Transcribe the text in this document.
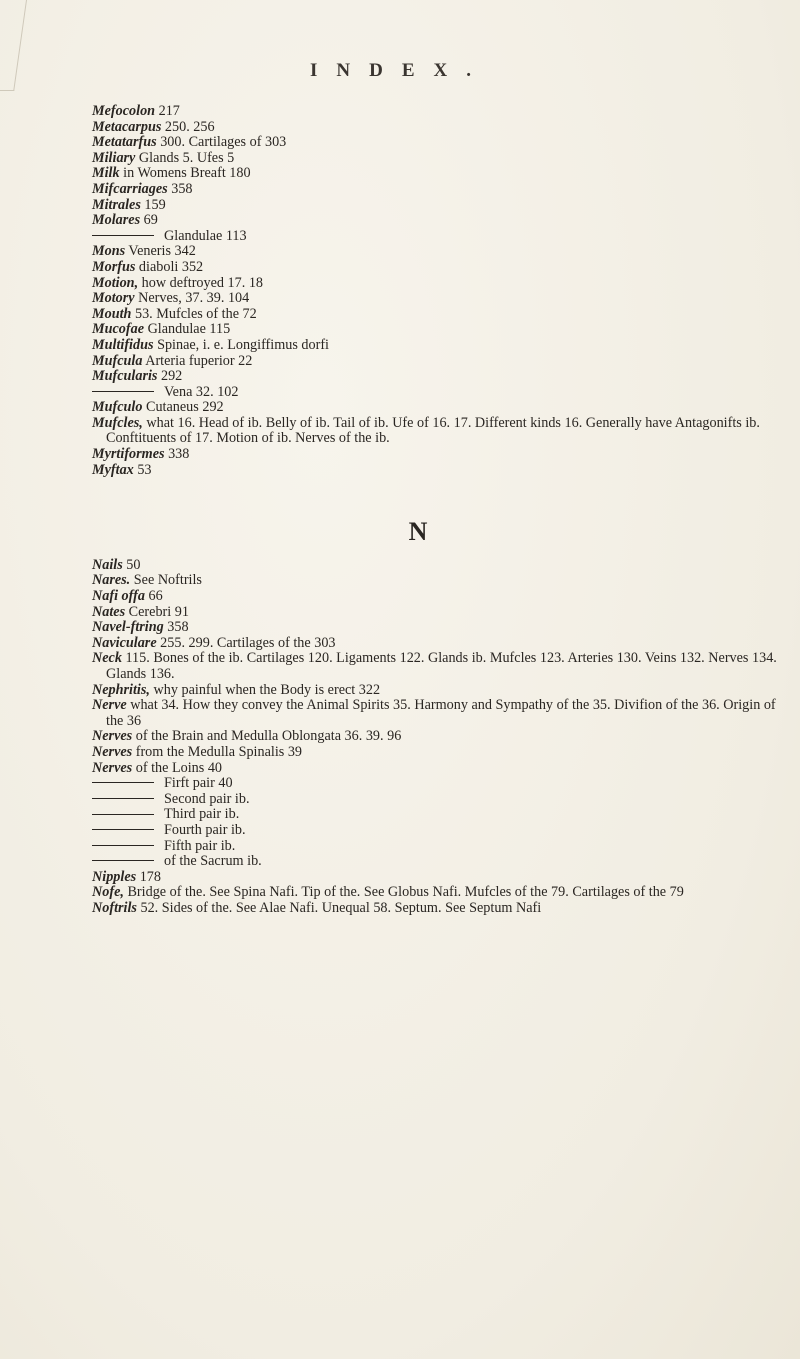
INDEX.

Mefocolon 217

Metacarpus 250. 256

Metatarfus 300. Cartilages of 303

Miliary Glands 5. Ufes 5

Milk in Womens Breaft 180

Mifcarriages 358

Mitrales 159

Molares 69

Glandulae 113

Mons Veneris 342

Morfus diaboli 352

Motion, how deftroyed 17. 18

Motory Nerves, 37. 39. 104

Mouth 53. Mufcles of the 72

Mucofae Glandulae 115

Multifidus Spinae, i. e. Longiffimus dorfi

Mufcula Arteria fuperior 22

Mufcularis 292

Vena 32. 102

Mufculo Cutaneus 292

Mufcles, what 16. Head of ib. Belly of ib. Tail of ib. Ufe of 16. 17. Different kinds 16. Generally have Antagonifts ib. Conftituents of 17. Motion of ib. Nerves of the ib.

Myrtiformes 338

Myftax 53

N

Nails 50

Nares. See Noftrils

Nafi offa 66

Nates Cerebri 91

Navel-ftring 358

Naviculare 255. 299. Cartilages of the 303

Neck 115. Bones of the ib. Cartilages 120. Ligaments 122. Glands ib. Mufcles 123. Arteries 130. Veins 132. Nerves 134. Glands 136.

Nephritis, why painful when the Body is erect 322

Nerve what 34. How they convey the Animal Spirits 35. Harmony and Sympathy of the 35. Divifion of the 36. Origin of the 36

Nerves of the Brain and Medulla Oblongata 36. 39. 96

Nerves from the Medulla Spinalis 39

Nerves of the Loins 40

Firft pair 40

Second pair ib.

Third pair ib.

Fourth pair ib.

Fifth pair ib.

of the Sacrum ib.

Nipples 178

Nofe, Bridge of the. See Spina Nafi. Tip of the. See Globus Nafi. Mufcles of the 79. Cartilages of the 79

Noftrils 52. Sides of the. See Alae Nafi. Unequal 58. Septum. See Septum Nafi
